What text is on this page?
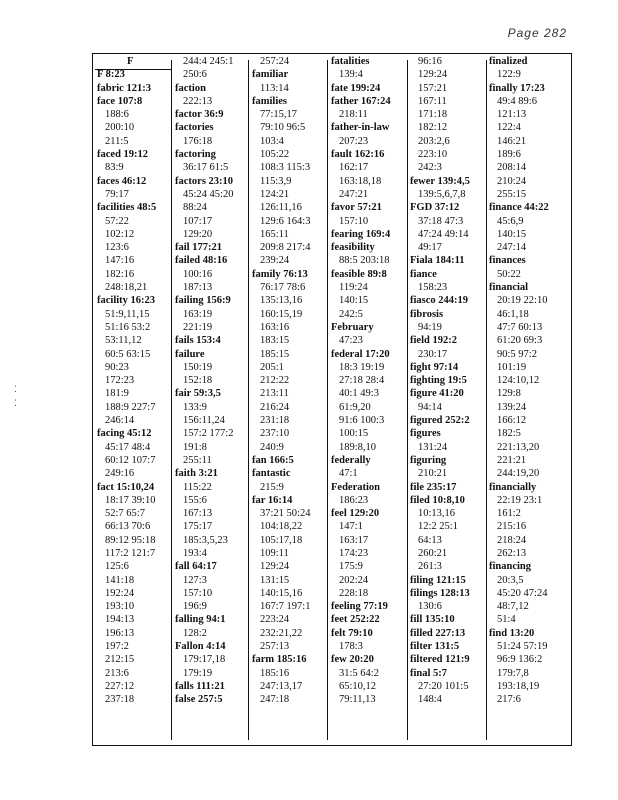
Page 282
⁚
⁚
F
F 8:23
fabric 121:3
face 107:8
188:6
200:10
211:5
faced 19:12
83:9
faces 46:12
79:17
facilities 48:5
57:22
102:12
123:6
147:16
182:16
248:18,21
facility 16:23
51:9,11,15
51:16 53:2
53:11,12
60:5 63:15
90:23
172:23
181:9
188:9 227:7
246:14
facing 45:12
45:17 48:4
60:12 107:7
249:16
fact 15:10,24
18:17 39:10
52:7 65:7
66:13 70:6
89:12 95:18
117:2 121:7
125:6
141:18
192:24
193:10
194:13
196:13
197:2
212:15
213:6
227:12
237:18
244:4 245:1
250:6
faction
222:13
factor 36:9
factories
176:18
factoring
36:17 61:5
factors 23:10
45:24 45:20
88:24
107:17
129:20
fail 177:21
failed 48:16
100:16
187:13
failing 156:9
163:19
221:19
fails 153:4
failure
150:19
152:18
fair 59:3,5
133:9
156:11,24
157:2 177:2
191:8
255:11
faith 3:21
115:22
155:6
167:13
175:17
185:3,5,23
193:4
fall 64:17
127:3
157:10
196:9
falling 94:1
128:2
Fallon 4:14
179:17,18
179:19
falls 111:21
false 257:5
257:24
familiar
113:14
families
77:15,17
79:10 96:5
103:4
105:22
108:3 115:3
115:3,9
124:21
126:11,16
129:6 164:3
165:11
209:8 217:4
239:24
family 76:13
76:17 78:6
135:13,16
160:15,19
163:16
183:15
185:15
205:1
212:22
213:11
216:24
231:18
237:10
240:9
fan 166:5
fantastic
215:9
far 16:14
37:21 50:24
104:18,22
105:17,18
109:11
129:24
131:15
140:15,16
167:7 197:1
223:24
232:21,22
257:13
farm 185:16
185:16
247:13,17
247:18
fatalities
139:4
fate 199:24
father 167:24
218:11
father-in-law
207:23
fault 162:16
162:17
163:18,18
247:21
favor 57:21
157:10
fearing 169:4
feasibility
88:5 203:18
feasible 89:8
119:24
140:15
242:5
February
47:23
federal 17:20
18:3 19:19
27:18 28:4
40:1 49:3
61:9,20
91:6 100:3
100:15
189:8,10
federally
47:1
Federation
186:23
feel 129:20
147:1
163:17
174:23
175:9
202:24
228:18
feeling 77:19
feet 252:22
felt 79:10
178:3
few 20:20
31:5 64:2
65:10,12
79:11,13
96:16
129:24
157:21
167:11
171:18
182:12
203:2,6
223:10
242:3
fewer 139:4,5
139:5,6,7,8
FGD 37:12
37:18 47:3
47:24 49:14
49:17
Fiala 184:11
fiance
158:23
fiasco 244:19
fibrosis
94:19
field 192:2
230:17
fight 97:14
fighting 19:5
figure 41:20
94:14
figured 252:2
figures
131:24
figuring
210:21
file 235:17
filed 10:8,10
10:13,16
12:2 25:1
64:13
260:21
261:3
filing 121:15
filings 128:13
130:6
fill 135:10
filled 227:13
filter 131:5
filtered 121:9
final 5:7
27:20 101:5
148:4
finalized
122:9
finally 17:23
49:4 89:6
121:13
122:4
146:21
189:6
208:14
210:24
255:15
finance 44:22
45:6,9
140:15
247:14
finances
50:22
financial
20:19 22:10
46:1,18
47:7 60:13
61:20 69:3
90:5 97:2
101:19
124:10,12
129:8
139:24
166:12
182:5
221:13,20
221:21
244:19,20
financially
22:19 23:1
161:2
215:16
218:24
262:13
financing
20:3,5
45:20 47:24
48:7,12
51:4
find 13:20
51:24 57:19
96:9 136:2
179:7,8
193:18,19
217:6
